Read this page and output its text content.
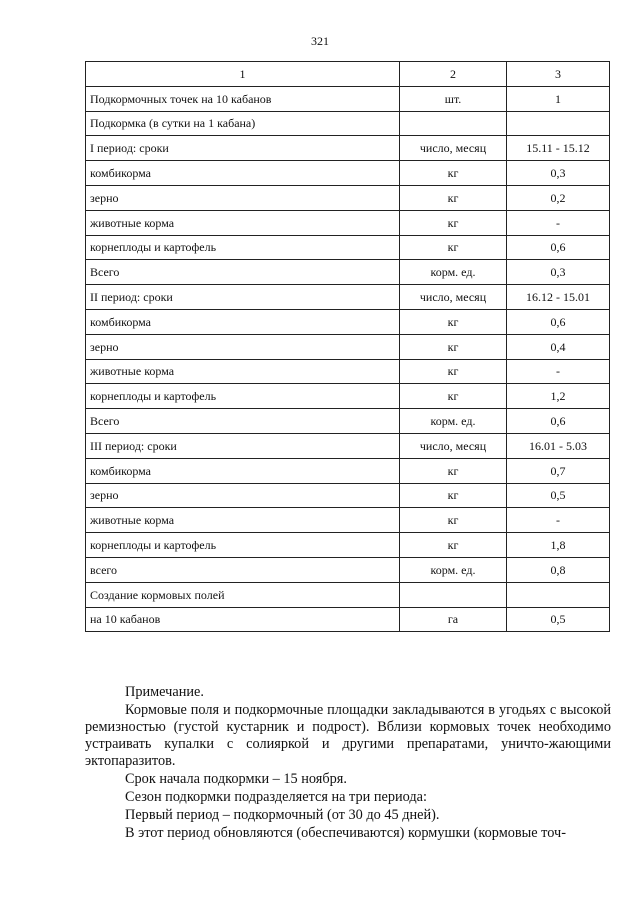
321
1	2	3
Подкормочных точек на 10 кабанов	шт.	1
Подкормка (в сутки на 1 кабана)		
I период: сроки	число, месяц	15.11 - 15.12
комбикорма	кг	0,3
зерно	кг	0,2
животные корма	кг	-
корнеплоды и картофель	кг	0,6
Всего	корм. ед.	0,3
II период: сроки	число, месяц	16.12 - 15.01
комбикорма	кг	0,6
зерно	кг	0,4
животные корма	кг	-
корнеплоды и картофель	кг	1,2
Всего	корм. ед.	0,6
III период: сроки	число, месяц	16.01 - 5.03
комбикорма	кг	0,7
зерно	кг	0,5
животные корма	кг	-
корнеплоды и картофель	кг	1,8
всего	корм. ед.	0,8
Создание кормовых полей		
на 10 кабанов	га	0,5

Примечание.

Кормовые поля и подкормочные площадки закладываются в угодьях с высокой ремизностью (густой кустарник и подрост). Вблизи кормовых точек необходимо устраивать купалки с солияркой и другими препаратами, уничто-жающими эктопаразитов.

Срок начала подкормки – 15 ноября.

Сезон подкормки подразделяется на три периода:

Первый период – подкормочный (от 30 до 45 дней).

В этот период обновляются (обеспечиваются) кормушки (кормовые точ-
